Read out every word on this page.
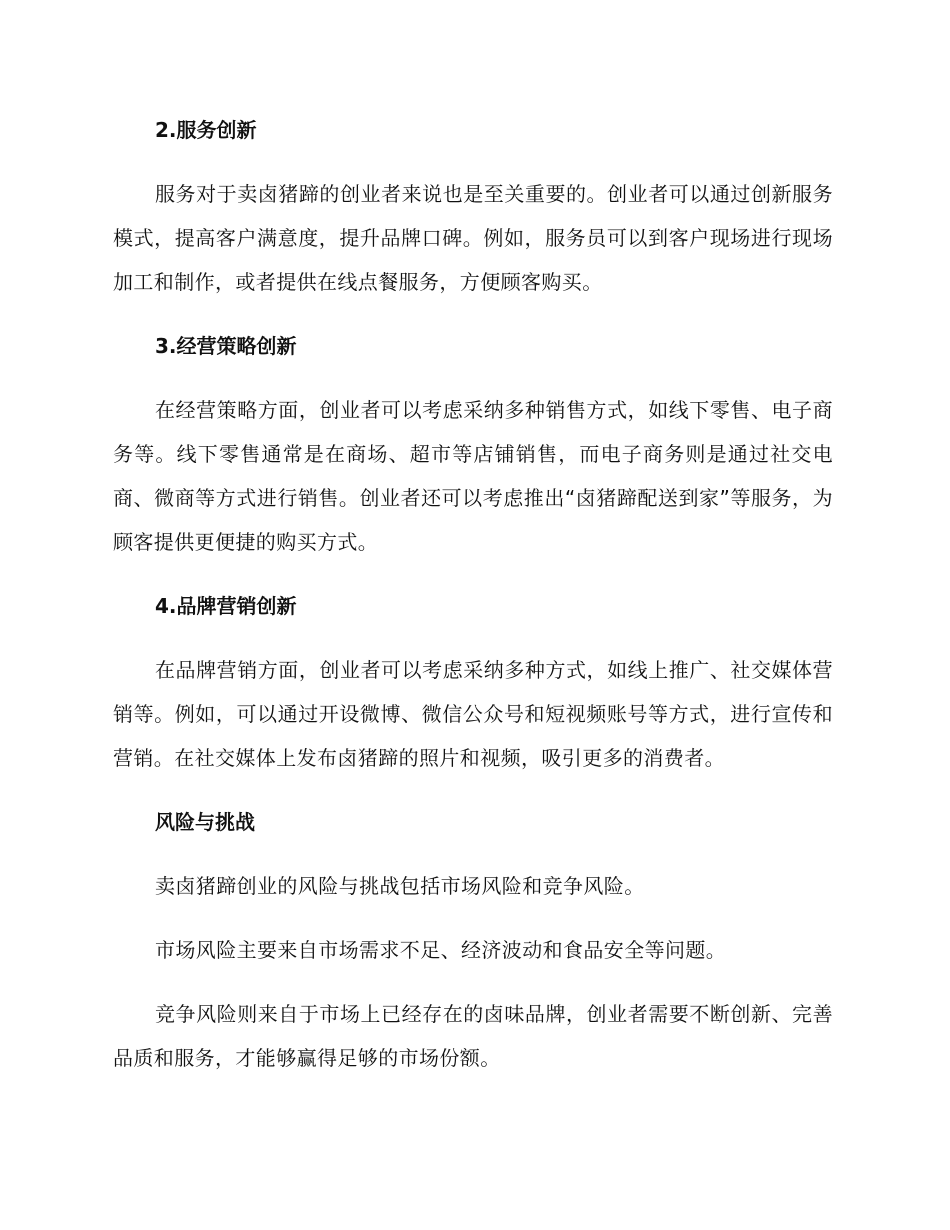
2.服务创新

服务对于卖卤猪蹄的创业者来说也是至关重要的。创业者可以通过创新服务模式，提高客户满意度，提升品牌口碑。例如，服务员可以到客户现场进行现场加工和制作，或者提供在线点餐服务，方便顾客购买。

3.经营策略创新

在经营策略方面，创业者可以考虑采纳多种销售方式，如线下零售、电子商务等。线下零售通常是在商场、超市等店铺销售，而电子商务则是通过社交电商、微商等方式进行销售。创业者还可以考虑推出“卤猪蹄配送到家”等服务，为顾客提供更便捷的购买方式。

4.品牌营销创新

在品牌营销方面，创业者可以考虑采纳多种方式，如线上推广、社交媒体营销等。例如，可以通过开设微博、微信公众号和短视频账号等方式，进行宣传和营销。在社交媒体上发布卤猪蹄的照片和视频，吸引更多的消费者。

风险与挑战

卖卤猪蹄创业的风险与挑战包括市场风险和竞争风险。

市场风险主要来自市场需求不足、经济波动和食品安全等问题。

竞争风险则来自于市场上已经存在的卤味品牌，创业者需要不断创新、完善品质和服务，才能够赢得足够的市场份额。
